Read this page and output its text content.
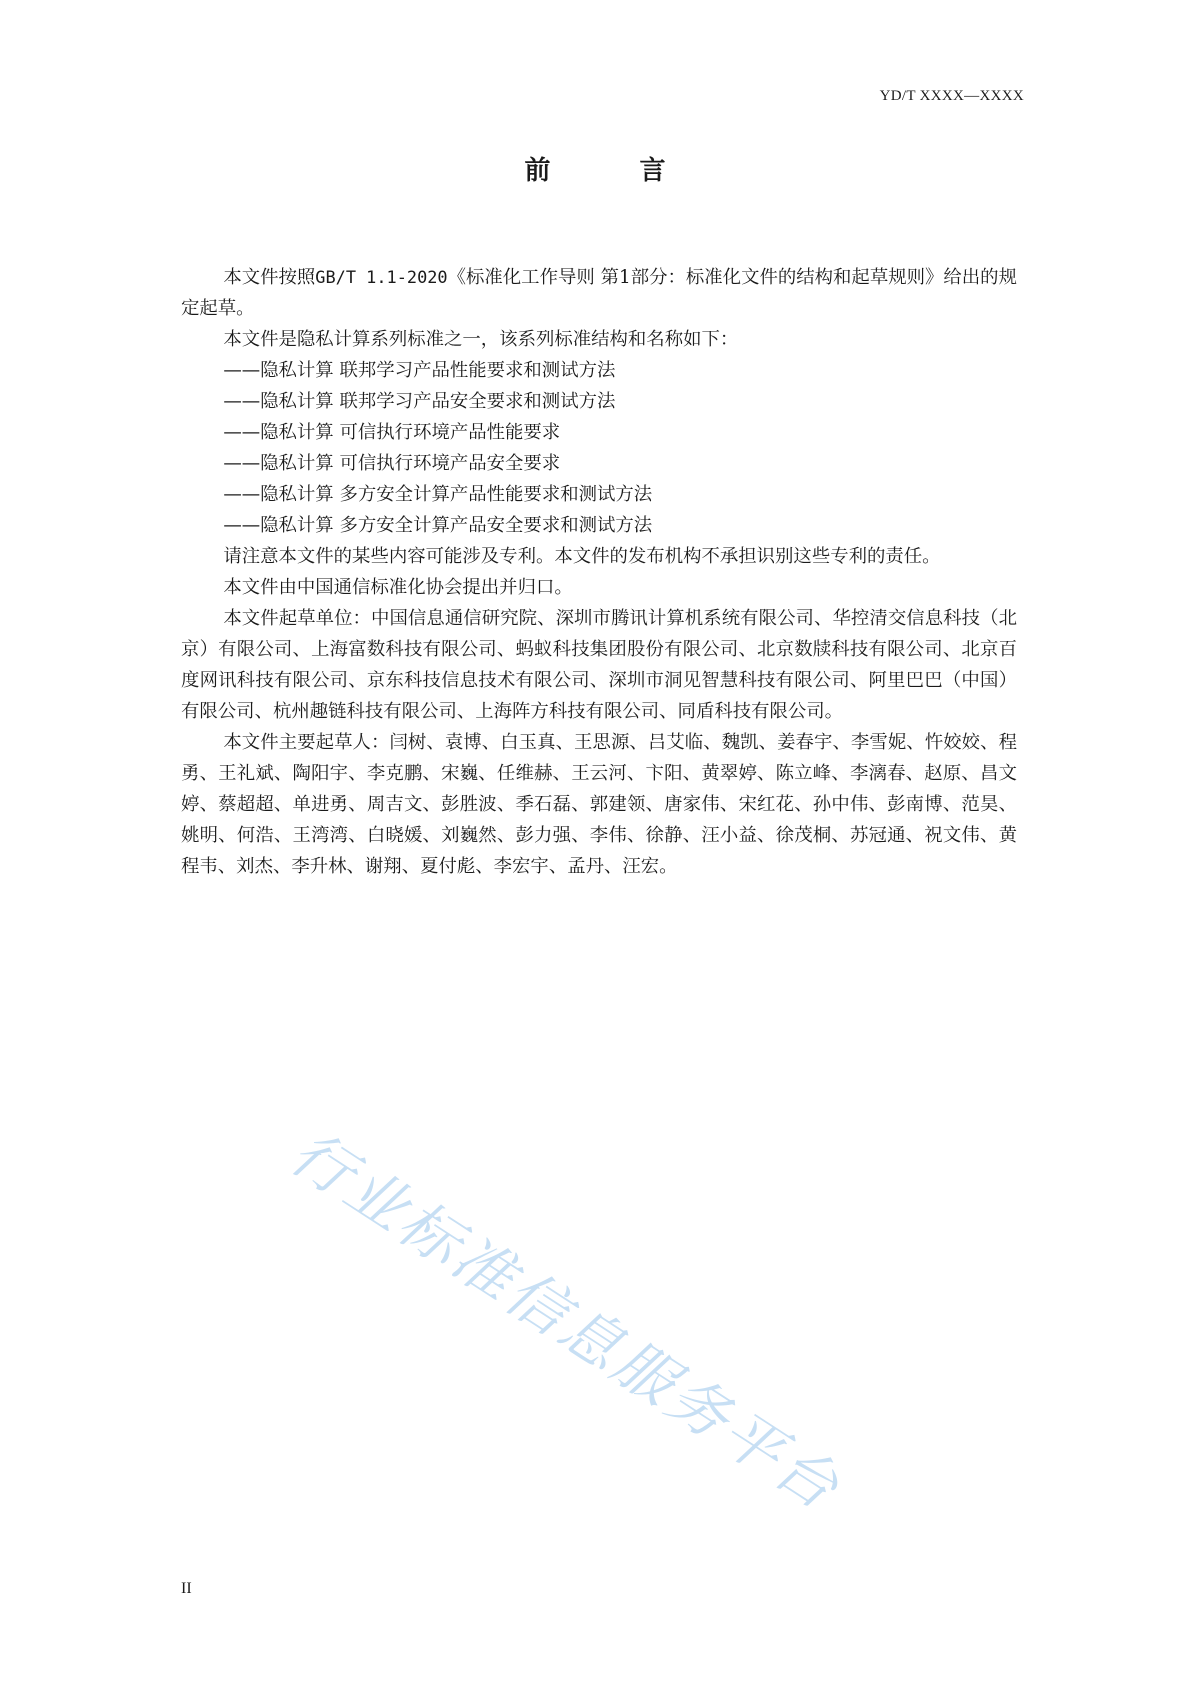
YD/T XXXX—XXXX
前 言

本文件按照GB/T 1.1-2020《标准化工作导则 第1部分：标准化文件的结构和起草规则》给出的规定起草。

本文件是隐私计算系列标准之一，该系列标准结构和名称如下：

——隐私计算 联邦学习产品性能要求和测试方法

——隐私计算 联邦学习产品安全要求和测试方法

——隐私计算 可信执行环境产品性能要求

——隐私计算 可信执行环境产品安全要求

——隐私计算 多方安全计算产品性能要求和测试方法

——隐私计算 多方安全计算产品安全要求和测试方法

请注意本文件的某些内容可能涉及专利。本文件的发布机构不承担识别这些专利的责任。

本文件由中国通信标准化协会提出并归口。

本文件起草单位：中国信息通信研究院、深圳市腾讯计算机系统有限公司、华控清交信息科技（北京）有限公司、上海富数科技有限公司、蚂蚁科技集团股份有限公司、北京数牍科技有限公司、北京百度网讯科技有限公司、京东科技信息技术有限公司、深圳市洞见智慧科技有限公司、阿里巴巴（中国）有限公司、杭州趣链科技有限公司、上海阵方科技有限公司、同盾科技有限公司。

本文件主要起草人：闫树、袁博、白玉真、王思源、吕艾临、魏凯、姜春宇、李雪妮、忤姣姣、程勇、王礼斌、陶阳宇、李克鹏、宋巍、任维赫、王云河、卞阳、黄翠婷、陈立峰、李漓春、赵原、昌文婷、蔡超超、单进勇、周吉文、彭胜波、季石磊、郭建领、唐家伟、宋红花、孙中伟、彭南博、范昊、姚明、何浩、王湾湾、白晓媛、刘巍然、彭力强、李伟、徐静、汪小益、徐茂桐、苏冠通、祝文伟、黄程韦、刘杰、李升林、谢翔、夏付彪、李宏宇、孟丹、汪宏。

行业标准信息服务平台
II
